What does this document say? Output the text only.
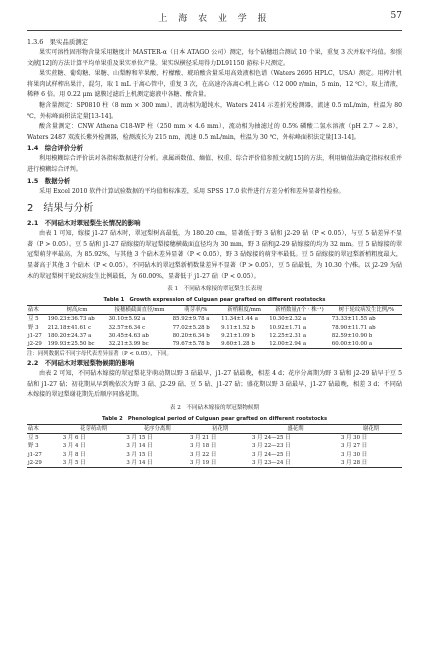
上 海 农 业 学 报	57
1.3.6　果实品质测定

果实可溶性固形物含量采用糖度计 MASTER-α（日本 ATAGO 公司）测定，每个砧穗组合测试 10 个果，重复 3 次并取平均值。参照文献[12]的方法计算平均单果重及果实单位产量。果实纵横径采用得力DL91150 游标卡尺测定。

果实蔗糖、葡萄糖、果糖、山梨醇和苹果酸、柠檬酸、琥珀酸含量采用高效液相色谱（Waters 2695 HPLC，USA）测定。用榨汁机将果肉试样榨出果汁，混匀，取 1 mL 于离心管中，重复 3 次，在高速冷冻离心机上离心（12 000 r/min，5 min，12 ℃），取上清液，稀释 6 倍。用 0.22 μm 滤膜过滤后上机测定滤液中各糖、酸含量。

糖含量测定：SP0810 柱（8 mm × 300 mm），流动相为超纯水，Waters 2414 示差折光检测器，流速 0.5 mL/min，柱温为 80 ℃，外标峰面积法定量[13-14]。

酸含量测定：CNW Athena C18-WP 柱（250 mm × 4.6 mm），流动相为抽滤过的 0.5% 磷酸二氢水溶液（pH 2.7 ~ 2.8），Waters 2487 双波长紫外检测器，检测波长为 215 nm，流速 0.5 mL/min，柱温为 30 ℃，外标峰面积法定量[13-14]。

1.4　综合评价分析

利用模糊综合评价法对各指标数据进行分析。隶属函数值、熵值、权重、综合评价值参照文献[15]的方法，利用熵值法确定指标权重并进行模糊综合评判。

1.5　数据分析

采用 Excel 2010 软件计算试验数据的平均值和标准差，采用 SPSS 17.0 软件进行方差分析和差异显著性检验。

2　结果与分析
2.1　不同砧木对翠冠梨生长情况的影响

由表 1 可知，嫁接 j1-27 砧木时，翠冠梨树高最低，为 180.20 cm，显著低于野 3 砧和 j2-29 砧（P < 0.05），与豆 5 砧差异不显著（P > 0.05）。豆 5 砧和 j1-27 砧嫁接的翠冠梨接穗横截面直径均为 30 mm，野 3 砧和j2-29 砧嫁接的均为 32 mm。豆 5 砧嫁接的翠冠梨萌芽率最高，为 85.92%，与其他 3 个砧木差异显著（P < 0.05），野 3 砧嫁接的萌芽率最低。豆 5 砧嫁接的翠冠梨新梢粗度最大，显著高于其他 3 个砧木（P < 0.05）。不同砧木的翠冠梨新梢数量差异不显著（P > 0.05），豆 5 砧最低，为 10.30 个/株。以 j2-29 为砧木的翠冠梨树干轮纹病发生比例最低，为 60.00%，显著低于 j1-27 砧（P < 0.05）。

表 1　不同砧木嫁接的翠冠梨生长表现
Table 1　Growth expression of Cuiguan pear grafted on different rootstocks
砧木	树高/cm	接穗横截面直径/mm	萌芽率/%	新梢粗度/mm	新梢数量/(个 · 株⁻¹)	树干轮纹病发生比例/%
豆 5	190.23±36.73 ab	30.10±5.92 a	85.92±9.78 a	11.34±1.44 a	10.30±2.32 a	73.33±11.55 ab
野 3	212.18±41.61 c	32.57±6.34 c	77.02±5.28 b	9.11±1.52 b	10.92±1.71 a	78.90±11.71 ab
j1-27	180.20±24.37 a	30.45±4.63 ab	80.20±6.34 b	9.21±1.09 b	12.25±2.31 a	82.59±10.90 b
j2-29	199.93±25.50 bc	32.21±3.99 bc	79.67±5.78 b	9.60±1.28 b	12.00±2.94 a	60.00±10.00 a
注：同列数据后不同字母代表差异显著（P < 0.05），下同。
2.2　不同砧木对翠冠梨物候期的影响

由表 2 可知，不同砧木嫁接的翠冠梨花芽萌动期以野 3 砧最早，j1-27 砧最晚，相差 4 d；花序分离期为野 3 砧和 j2-29 砧早于豆 5 砧和 j1-27 砧；初花期从早到晚依次为野 3 砧、j2-29 砧、豆 5 砧、j1-27 砧；盛花期以野 3 砧最早，j1-27 砧最晚，相差 3 d；不同砧木嫁接的翠冠梨谢花期先后顺序同盛花期。

表 2　不同砧木嫁接的翠冠梨物候期
Table 2　Phenological period of Cuiguan pear grafted on different rootstocks
砧木	花芽萌动期	花序分离期	初花期	盛花期	谢花期
豆 5	3 月 6 日	3 月 15 日	3 月 21 日	3 月 24—25 日	3 月 30 日
野 3	3 月 4 日	3 月 14 日	3 月 18 日	3 月 22—23 日	3 月 27 日
j1-27	3 月 8 日	3 月 15 日	3 月 22 日	3 月 24—25 日	3 月 30 日
j2-29	3 月 5 日	3 月 14 日	3 月 19 日	3 月 23—24 日	3 月 28 日
